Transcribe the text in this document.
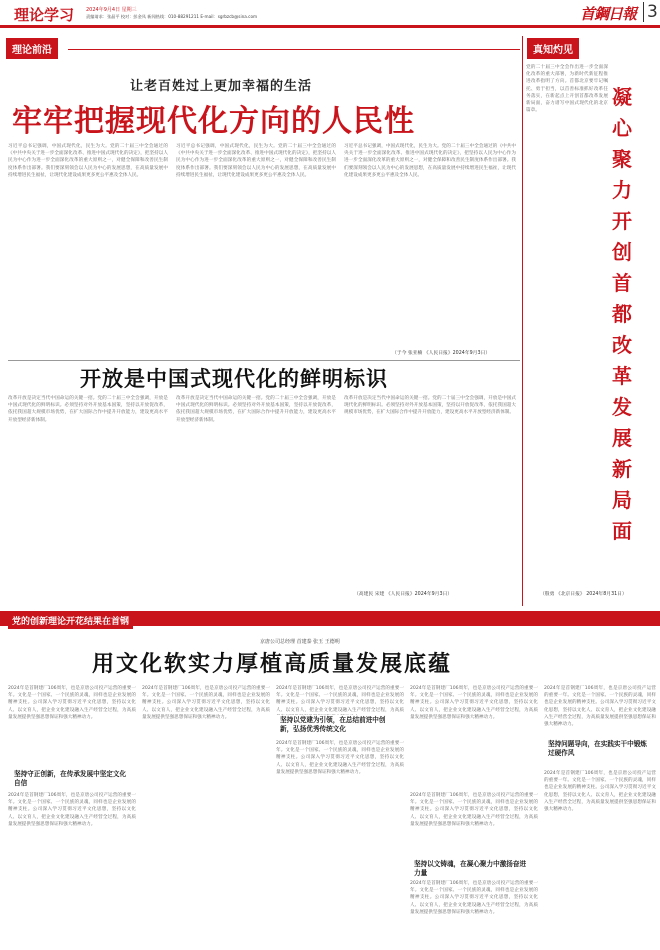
理论学习 2024年9月4日 星期三
责编请求：张晶平 校对：彭金凤 新闻热线：010-88291211 E-mail：sgrbzcb@sina.com	首鋼日報 3
理论前沿
让老百姓过上更加幸福的生活
牢牢把握现代化方向的人民性
习近平总书记强调，中国式现代化，民生为大。党的二十届三中全会通过的《中共中央关于进一步全面深化改革、推进中国式现代化的决定》，把坚持以人民为中心作为进一步全面深化改革的重大原则之一，对健全保障和改善民生制度体系作出部署。我们要深刻领会以人民为中心的发展思想，在高质量发展中持续增进民生福祉，让现代化建设成果更多更公平惠及全体人民。
习近平总书记强调，中国式现代化，民生为大。党的二十届三中全会通过的《中共中央关于进一步全面深化改革、推进中国式现代化的决定》，把坚持以人民为中心作为进一步全面深化改革的重大原则之一，对健全保障和改善民生制度体系作出部署。我们要深刻领会以人民为中心的发展思想，在高质量发展中持续增进民生福祉，让现代化建设成果更多更公平惠及全体人民。
习近平总书记强调，中国式现代化，民生为大。党的二十届三中全会通过的《中共中央关于进一步全面深化改革、推进中国式现代化的决定》，把坚持以人民为中心作为进一步全面深化改革的重大原则之一，对健全保障和改善民生制度体系作出部署。我们要深刻领会以人民为中心的发展思想，在高质量发展中持续增进民生福祉，让现代化建设成果更多更公平惠及全体人民。
（于今 张亚楠 《人民日报》2024年9月3日）
开放是中国式现代化的鲜明标识
改革开放是决定当代中国命运的关键一招。党的二十届三中全会强调，开放是中国式现代化的鲜明标识。必须坚持对外开放基本国策，坚持以开放促改革，依托我国超大规模市场优势，在扩大国际合作中提升开放能力，建设更高水平开放型经济新体制。
改革开放是决定当代中国命运的关键一招。党的二十届三中全会强调，开放是中国式现代化的鲜明标识。必须坚持对外开放基本国策，坚持以开放促改革，依托我国超大规模市场优势，在扩大国际合作中提升开放能力，建设更高水平开放型经济新体制。
改革开放是决定当代中国命运的关键一招。党的二十届三中全会强调，开放是中国式现代化的鲜明标识。必须坚持对外开放基本国策，坚持以开放促改革，依托我国超大规模市场优势，在扩大国际合作中提升开放能力，建设更高水平开放型经济新体制。
（高建民 宋建 《人民日报》2024年9月3日）
真知灼见
党的二十届三中全会作出进一步全面深化改革的重大部署，为新时代新征程推进改革指明了方向。首都北京要牢记嘱托、勇于担当，以首善标准抓好改革任务落实，在新起点上开创首都改革发展新局面，奋力谱写中国式现代化的北京篇章。
凝心聚力开创首都改革发展新局面
（殷勇 《北京日报》 2024年8月31日）
党的创新理论开花结果在首钢
京唐公司总经理 首建泰 张玉 王德明
用文化软实力厚植高质量发展底蕴
2024年是首钢建厂106周年，也是京唐公司投产运营的重要一年。文化是一个国家、一个民族的灵魂，同样也是企业发展的精神支柱。公司深入学习贯彻习近平文化思想，坚持以文化人、以文育人，把企业文化建设融入生产经营全过程，为高质量发展提供坚强思想保证和强大精神动力。
坚持守正创新，在传承发展中坚定文化自信
2024年是首钢建厂106周年，也是京唐公司投产运营的重要一年。文化是一个国家、一个民族的灵魂，同样也是企业发展的精神支柱。公司深入学习贯彻习近平文化思想，坚持以文化人、以文育人，把企业文化建设融入生产经营全过程，为高质量发展提供坚强思想保证和强大精神动力。
2024年是首钢建厂106周年，也是京唐公司投产运营的重要一年。文化是一个国家、一个民族的灵魂，同样也是企业发展的精神支柱。公司深入学习贯彻习近平文化思想，坚持以文化人、以文育人，把企业文化建设融入生产经营全过程，为高质量发展提供坚强思想保证和强大精神动力。
2024年是首钢建厂106周年，也是京唐公司投产运营的重要一年。文化是一个国家、一个民族的灵魂，同样也是企业发展的精神支柱。公司深入学习贯彻习近平文化思想，坚持以文化人、以文育人，把企业文化建设融入生产经营全过程，为高质
坚持以党建为引领，在总结前进中创新，弘扬优秀传统文化
2024年是首钢建厂106周年，也是京唐公司投产运营的重要一年。文化是一个国家、一个民族的灵魂，同样也是企业发展的精神支柱。公司深入学习贯彻习近平文化思想，坚持以文化人、以文育人，把企业文化建设融入生产经营全过程，为高质量发展提供坚强思想保证和强大精神动力。
2024年是首钢建厂106周年，也是京唐公司投产运营的重要一年。文化是一个国家、一个民族的灵魂，同样也是企业发展的精神支柱。公司深入学习贯彻习近平文化思想，坚持以文化人、以文育人，把企业文化建设融入生产经营全过程，为高质量发展提供坚强思想保证和强大精神动力。
坚持以文铸魂，在凝心聚力中激扬奋进力量
2024年是首钢建厂106周年，也是京唐公司投产运营的重要一年。文化是一个国家、一个民族的灵魂，同样也是企业发展的精神支柱。公司深入学习贯彻习近平文化思想，坚持以文化人、以文育人，把企业文化建设融入生产经营全过程，为高质量发展提供坚强思想保证和强大精神动力。
2024年是首钢建厂106周年，也是京唐公司投产运营的重要一年。文化是一个国家、一个民族的灵魂，同样也是企业发展的精神支柱。公司深入学习贯彻习近平文化思想，坚持以文化人、以文育人，把企业文化建设融入生产经营全过程，为高质量发展提供坚强思想保证和强大精神动力。
2024年是首钢建厂106周年，也是京唐公司投产运营的重要一年。文化是一个国家、一个民族的灵魂，同样也是企业发展的精神支柱。公司深入学习贯彻习近平文化思想，坚持以文化人、以文育人，把企业文化建设融入生产经营全过程，为高质量发展提供坚强思想保证和强大精神动力。
坚持问题导向，在实践实干中锻炼过硬作风
2024年是首钢建厂106周年，也是京唐公司投产运营的重要一年。文化是一个国家、一个民族的灵魂，同样也是企业发展的精神支柱。公司深入学习贯彻习近平文化思想，坚持以文化人、以文育人，把企业文化建设融入生产经营全过程，为高质量发展提供坚强思想保证和强大精神动力。
